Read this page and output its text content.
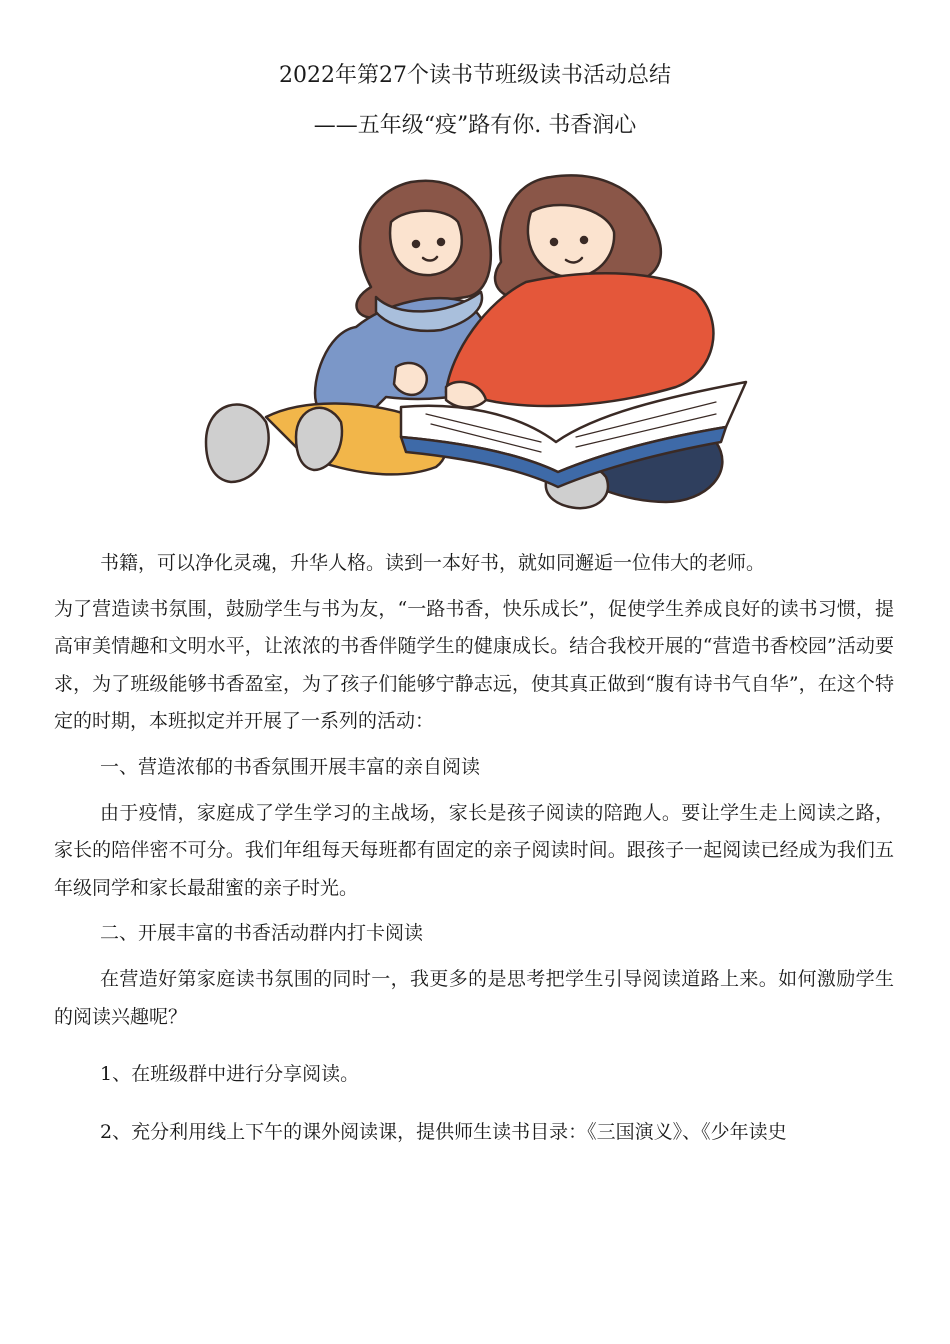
2022年第27个读书节班级读书活动总结
——五年级“疫”路有你. 书香润心

书籍，可以净化灵魂，升华人格。读到一本好书，就如同邂逅一位伟大的老师。

为了营造读书氛围，鼓励学生与书为友，“一路书香，快乐成长”，促使学生养成良好的读书习惯，提高审美情趣和文明水平，让浓浓的书香伴随学生的健康成长。结合我校开展的“营造书香校园”活动要求，为了班级能够书香盈室，为了孩子们能够宁静志远，使其真正做到“腹有诗书气自华”，在这个特定的时期，本班拟定并开展了一系列的活动：

一、营造浓郁的书香氛围开展丰富的亲自阅读

由于疫情，家庭成了学生学习的主战场，家长是孩子阅读的陪跑人。要让学生走上阅读之路，家长的陪伴密不可分。我们年组每天每班都有固定的亲子阅读时间。跟孩子一起阅读已经成为我们五年级同学和家长最甜蜜的亲子时光。

二、开展丰富的书香活动群内打卡阅读

在营造好第家庭读书氛围的同时一，我更多的是思考把学生引导阅读道路上来。如何激励学生的阅读兴趣呢？

1、在班级群中进行分享阅读。

2、充分利用线上下午的课外阅读课，提供师生读书目录：《三国演义》、《少年读史
